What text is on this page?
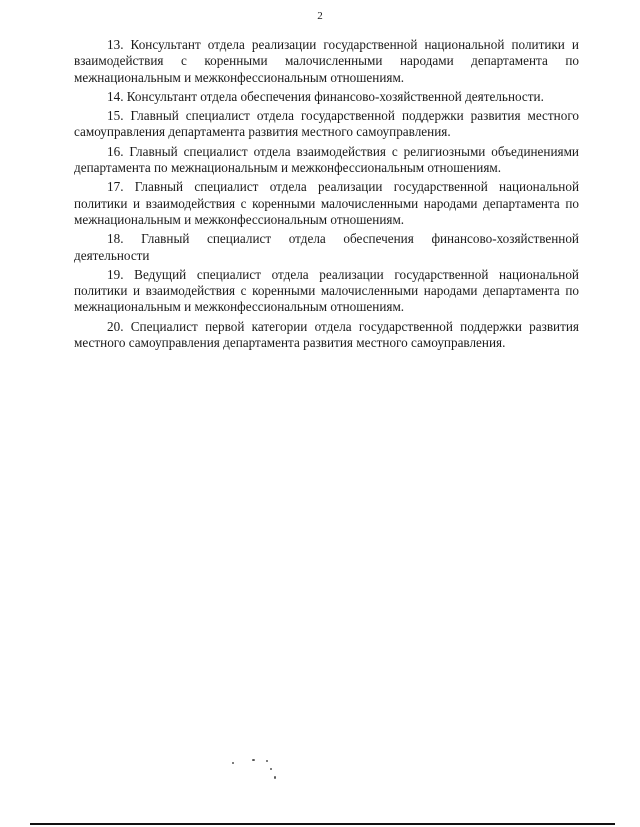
2

13. Консультант отдела реализации государственной национальной политики и взаимодействия с коренными малочисленными народами департамента по межнациональным и межконфессиональным отношениям.

14. Консультант отдела обеспечения финансово-хозяйственной деятельности.

15. Главный специалист отдела государственной поддержки развития местного самоуправления департамента развития местного самоуправления.

16. Главный специалист отдела взаимодействия с религиозными объединениями департамента по межнациональным и межконфессиональным отношениям.

17. Главный специалист отдела реализации государственной национальной политики и взаимодействия с коренными малочисленными народами департамента по межнациональным и межконфессиональным отношениям.

18. Главный специалист отдела обеспечения финансово-хозяйственной деятельности

19. Ведущий специалист отдела реализации государственной национальной политики и взаимодействия с коренными малочисленными народами департамента по межнациональным и межконфессиональным отношениям.

20. Специалист первой категории отдела государственной поддержки развития местного самоуправления департамента развития местного самоуправления.
